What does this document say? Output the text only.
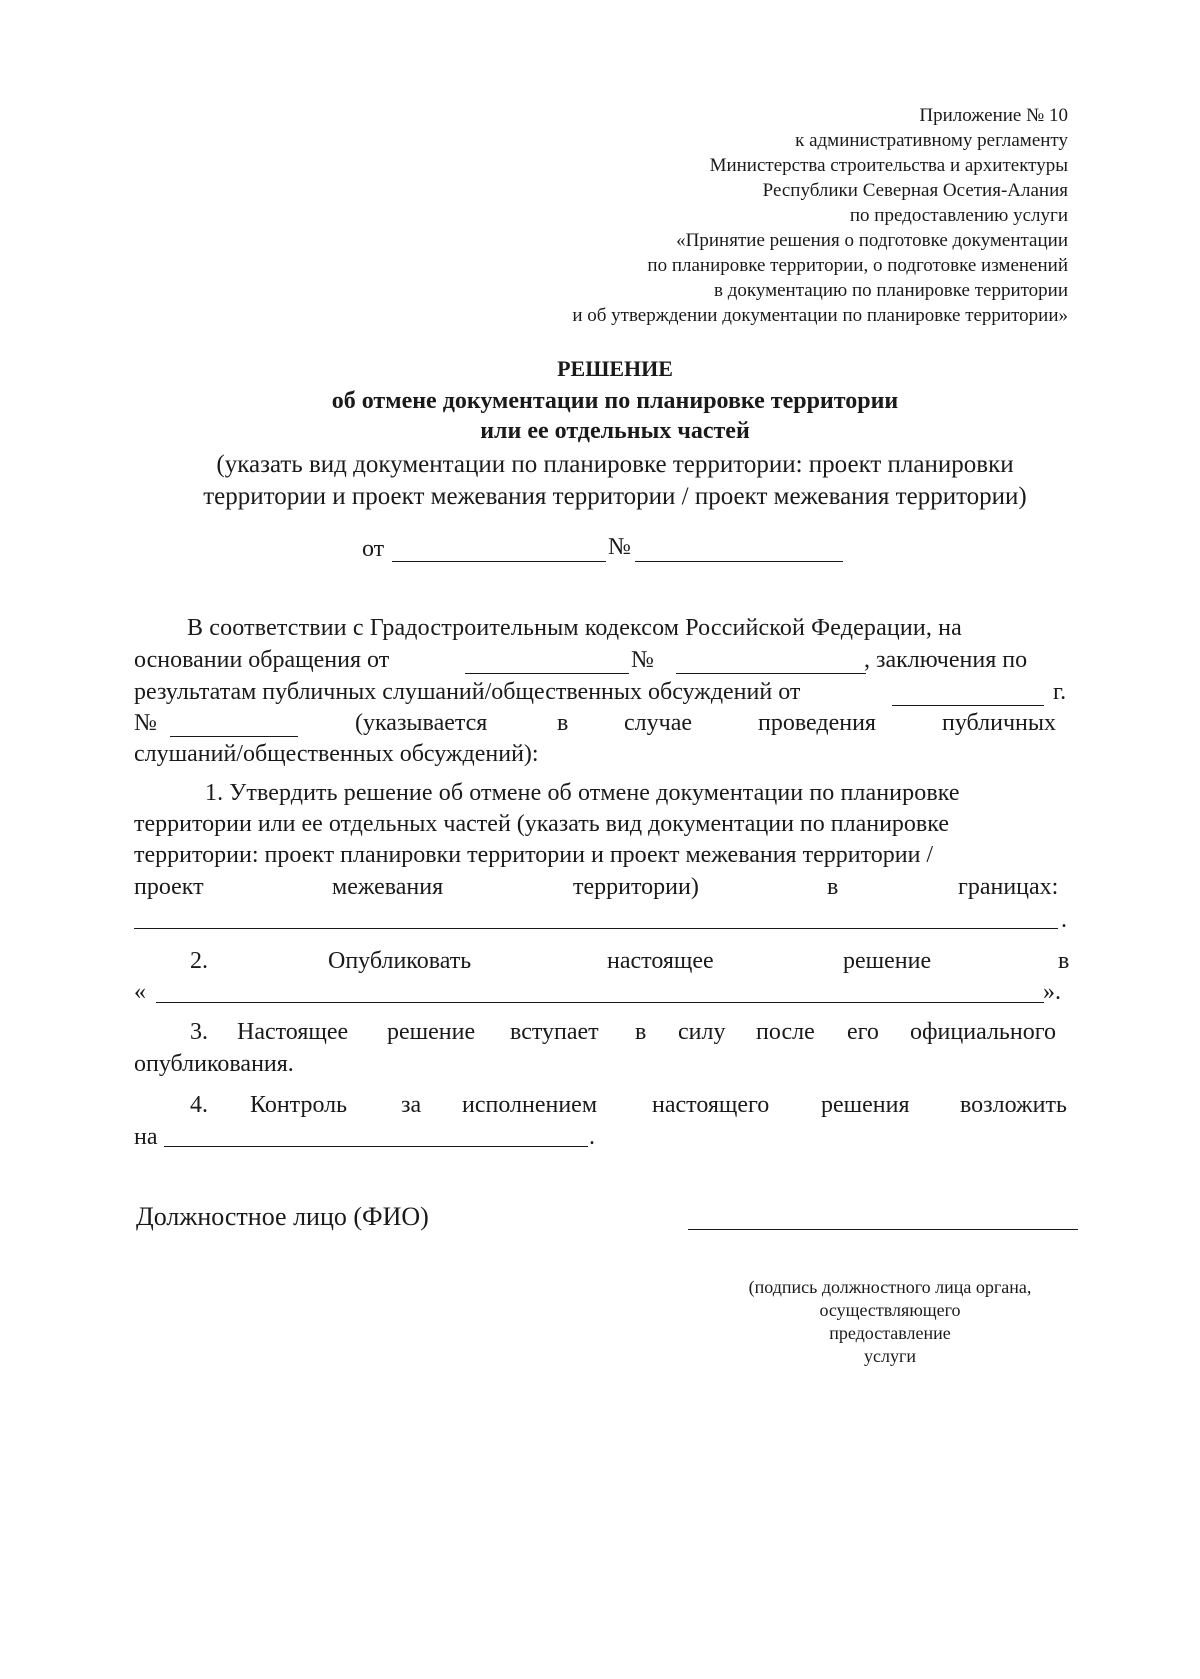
Приложение № 10
к административному регламенту
Министерства строительства и архитектуры
Республики Северная Осетия-Алания
по предоставлению услуги
«Принятие решения о подготовке документации
по планировке территории, о подготовке изменений
в документацию по планировке территории
и об утверждении документации по планировке территории»
РЕШЕНИЕ
об отмене документации по планировке территории
или ее отдельных частей
(указать вид документации по планировке территории: проект планировки
территории и проект межевания территории / проект межевания территории)
от	№
В соответствии с Градостроительным кодексом Российской Федерации, на
основании обращения от	№	, заключения по
результатам публичных слушаний/общественных обсуждений от	г.
№	(указывается	в случае	проведения	публичных
слушаний/общественных обсуждений):
1. Утвердить решение об отмене об отмене документации по планировке
территории или ее отдельных частей (указать вид документации по планировке
территории: проект планировки территории и проект межевания территории /
проект	межевания	территории)	в	границах:
.
2.	Опубликовать	настоящее	решение	в
«	».
3. Настоящее решение вступает в силу после его официального
опубликования.
4. Контроль за исполнением настоящего решения возложить
на	.
Должностное лицо (ФИО)
(подпись должностного лица органа,
осуществляющего
предоставление
услуги
